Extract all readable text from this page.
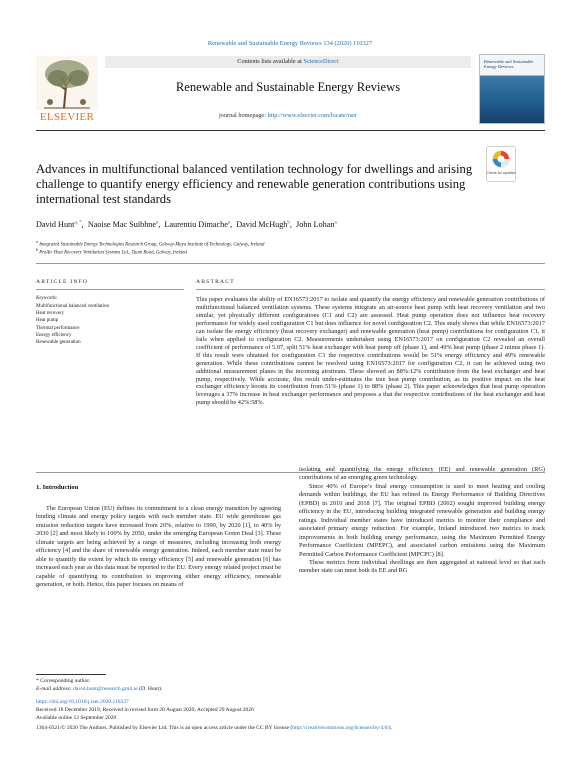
Renewable and Sustainable Energy Reviews 134 (2020) 110327
ELSEVIER
Contents lists available at ScienceDirect
Renewable and Sustainable Energy Reviews
journal homepage: http://www.elsevier.com/locate/rser
Renewable and Sustainable Energy Reviews
Advances in multifunctional balanced ventilation technology for dwellings and arising challenge to quantify energy efficiency and renewable generation contributions using international test standards
Check for updates
David Hunt$^{a, *}$,  Naoise Mac Suibhne$^a$,  Laurentiu Dimache$^a$,  David McHugh$^b$,  John Lohan$^a$
$^a$ Integrated Sustainable Energy Technologies Research Group, Galway-Mayo Institute of Technology, Galway, Ireland
$^b$ ProAir Heat Recovery Ventilation Systems Ltd., Tuam Road, Galway, Ireland
ARTICLE INFO	ABSTRACT
Keywords:
Multifunctional balanced ventilation
Heat recovery
Heat pump
Thermal performance
Energy efficiency
Renewable generation
This paper evaluates the ability of EN16573:2017 to isolate and quantify the energy efficiency and renewable generation contributions of multifunctional balanced ventilation systems. These systems integrate an air-source heat pump with heat recovery ventilation and two similar, yet physically different configurations (C1 and C2) are assessed. Heat pump operation does not influence heat recovery performance for widely used configuration C1 but does influence for novel configuration C2. This study shows that while EN16573:2017 can isolate the energy efficiency (heat recovery exchanger) and renewable generation (heat pump) contributions for configuration C1, it fails when applied to configuration C2. Measurements undertaken using EN16573:2017 on configuration C2 revealed an overall coefficient of performance of 5.07, split 51% heat exchanger with heat pump off (phase 1), and 49% heat pump (phase 2 minus phase 1). If this result were obtained for configuration C1 the respective contributions would be 51% energy efficiency and 49% renewable generation. While these contributions cannot be resolved using EN16573:2017 for configuration C2, it can be achieved using two additional measurement planes in the incoming airstream. These showed an 88%:12% contribution from the heat exchanger and heat pump, respectively. While accurate, this result under-estimates the true heat pump contribution, as its positive impact on the heat exchanger efficiency boosts its contribution from 51% (phase 1) to 88% (phase 2). This paper acknowledges that heat pump operation leverages a 37% increase in heat exchanger performance and proposes a that the respective contributions of the heat exchanger and heat pump should be 42%:58%.
1. Introduction

The European Union (EU) defines its commitment to a clean energy transition by agreeing binding climate and energy policy targets with each member state. EU wide greenhouse gas emission reduction targets have increased from 20%, relative to 1990, by 2020 [1], to 40% by 2030 [2] and most likely to 100% by 2050, under the emerging European Green Deal [3]. These climate targets are being achieved by a range of measures, including increasing both energy efficiency [4] and the share of renewable energy generation. Indeed, each member state must be able to quantify the extent by which its energy efficiency [5] and renewable generation [6] has increased each year as this data must be reported to the EU. Every energy related project must be capable of quantifying its contribution to improving either energy efficiency, renewable generation, or both. Hence, this paper focuses on means of

isolating and quantifying the energy efficiency (EE) and renewable generation (RG) contributions of an emerging green technology.

Since 40% of Europe’s final energy consumption is used to meet heating and cooling demands within buildings, the EU has refined its Energy Performance of Building Directives (EPBD) in 2010 and 2018 [7]. The original EPBD (2002) sought improved building energy efficiency in the EU, introducing building integrated renewable generation and building energy ratings. Individual member states have introduced metrics to monitor their compliance and associated primary energy reduction. For example, Ireland introduced two metrics to track improvements in both building energy performance, using the Maximum Permitted Energy Performance Coefficient (MPEPC), and associated carbon emissions using the Maximum Permitted Carbon Performance Coefficient (MPCPC) [8].

These metrics from individual dwellings are then aggregated at national level so that each member state can meet both its EE and RG

* Corresponding author.
E-mail address: david.hunt@research.gmit.ie (D. Hunt).
https://doi.org/10.1016/j.rser.2020.110327
Received 18 December 2019; Received in revised form 28 August 2020; Accepted 29 August 2020
Available online 12 September 2020
1364-0321/© 2020 The Authors. Published by Elsevier Ltd. This is an open access article under the CC BY license (http://creativecommons.org/licenses/by/4.0/).
